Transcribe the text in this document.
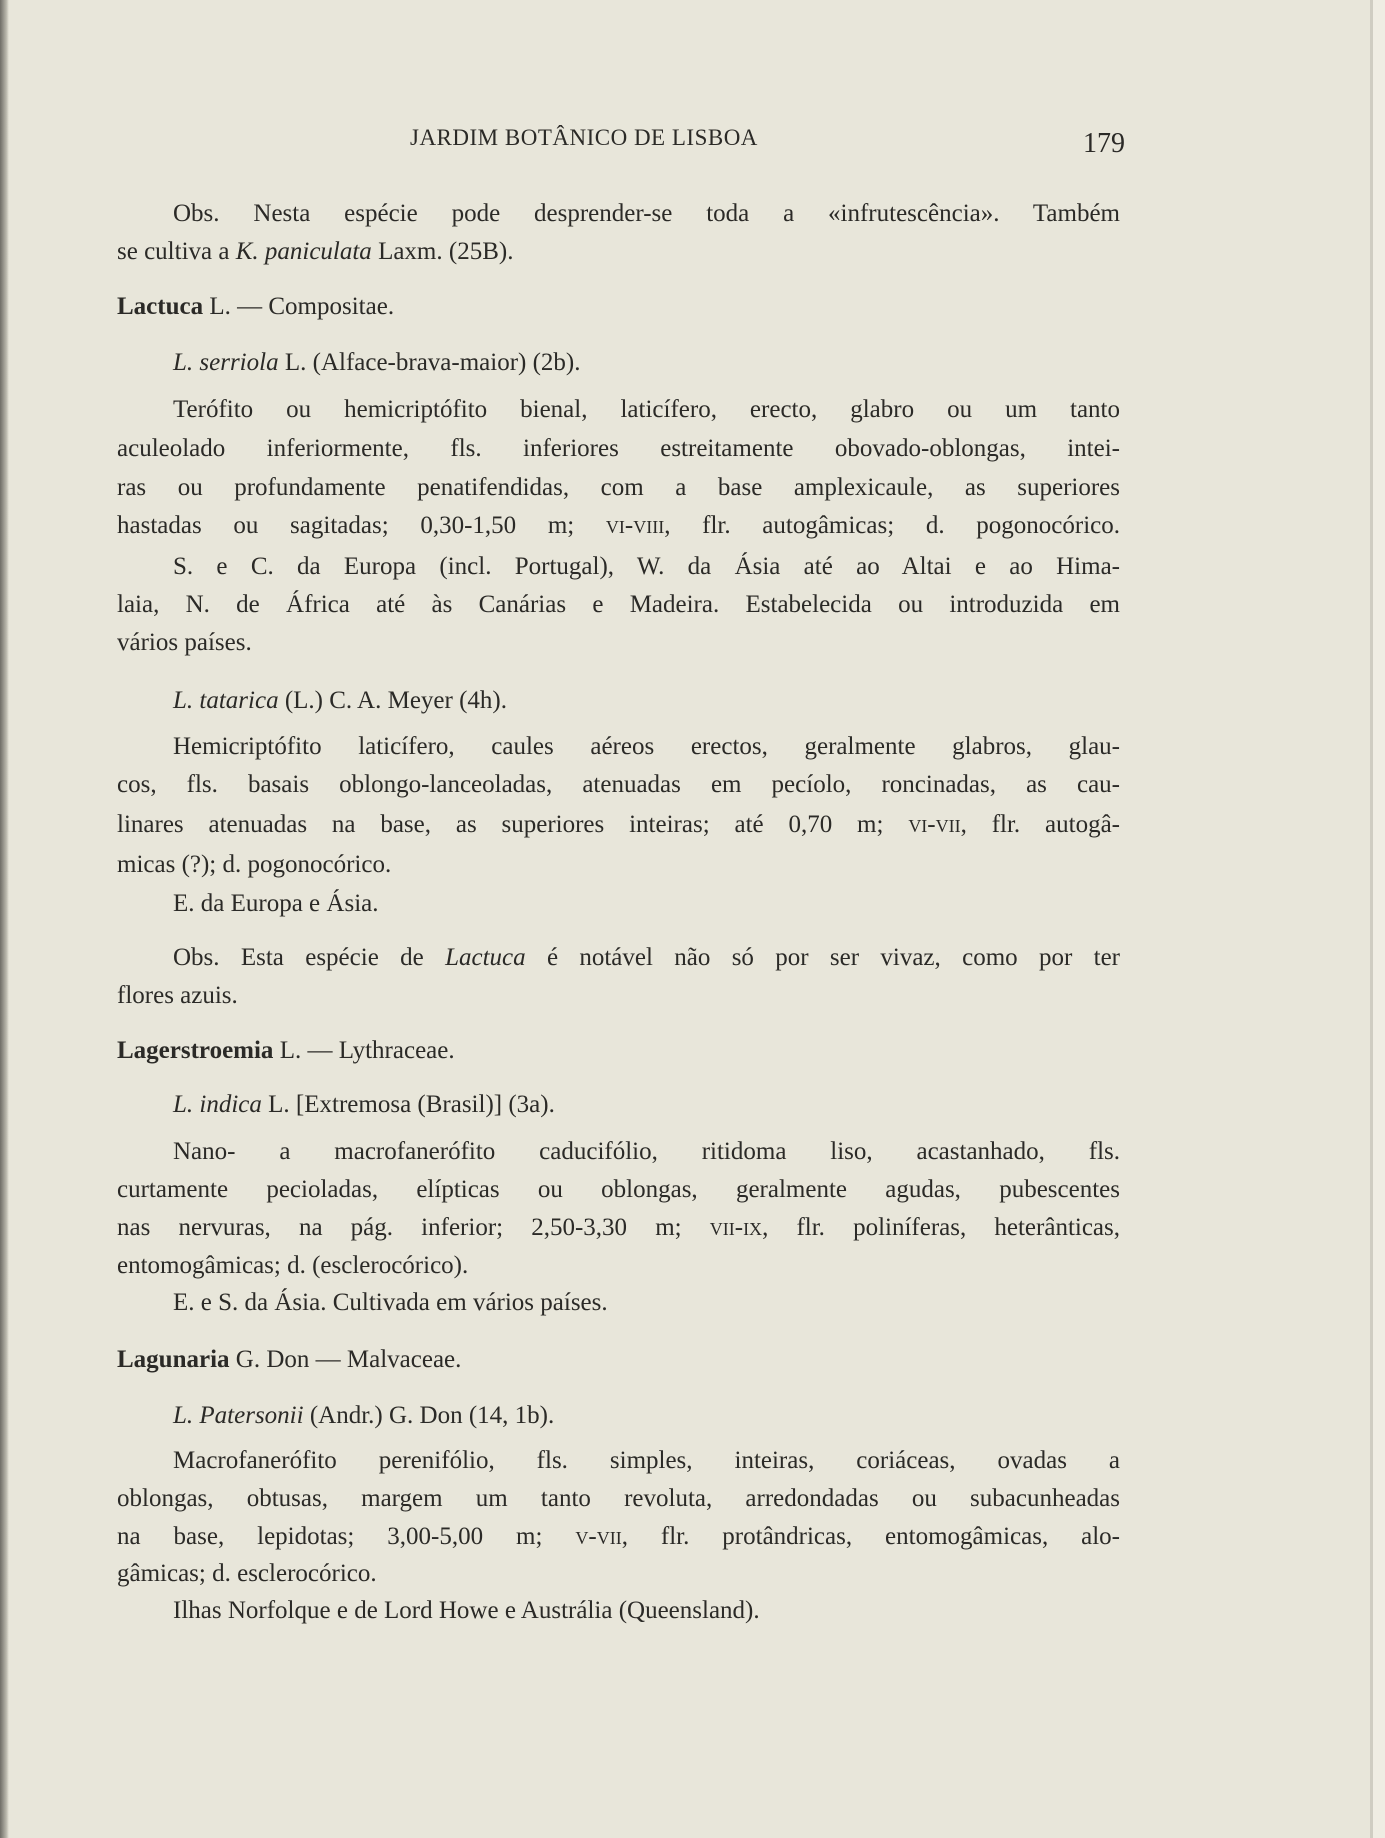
JARDIM BOTÂNICO DE LISBOA	179
Obs. Nesta espécie pode desprender-se toda a «infrutescência». Também
se cultiva a K. paniculata Laxm. (25B).
Lactuca L. — Compositae.
L. serriola L. (Alface-brava-maior) (2b).
Terófito ou hemicriptófito bienal, laticífero, erecto, glabro ou um tanto
aculeolado inferiormente, fls. inferiores estreitamente obovado-oblongas, intei-
ras ou profundamente penatifendidas, com a base amplexicaule, as superiores
hastadas ou sagitadas; 0,30-1,50 m; vi-viii, flr. autogâmicas; d. pogonocórico.
S. e C. da Europa (incl. Portugal), W. da Ásia até ao Altai e ao Hima-
laia, N. de África até às Canárias e Madeira. Estabelecida ou introduzida em
vários países.
L. tatarica (L.) C. A. Meyer (4h).
Hemicriptófito laticífero, caules aéreos erectos, geralmente glabros, glau-
cos, fls. basais oblongo-lanceoladas, atenuadas em pecíolo, roncinadas, as cau-
linares atenuadas na base, as superiores inteiras; até 0,70 m; vi-vii, flr. autogâ-
micas (?); d. pogonocórico.
E. da Europa e Ásia.
Obs. Esta espécie de Lactuca é notável não só por ser vivaz, como por ter
flores azuis.
Lagerstroemia L. — Lythraceae.
L. indica L. [Extremosa (Brasil)] (3a).
Nano- a macrofanerófito caducifólio, ritidoma liso, acastanhado, fls.
curtamente pecioladas, elípticas ou oblongas, geralmente agudas, pubescentes
nas nervuras, na pág. inferior; 2,50-3,30 m; vii-ix, flr. poliníferas, heterânticas,
entomogâmicas; d. (esclerocórico).
E. e S. da Ásia. Cultivada em vários países.
Lagunaria G. Don — Malvaceae.
L. Patersonii (Andr.) G. Don (14, 1b).
Macrofanerófito perenifólio, fls. simples, inteiras, coriáceas, ovadas a
oblongas, obtusas, margem um tanto revoluta, arredondadas ou subacunheadas
na base, lepidotas; 3,00-5,00 m; v-vii, flr. protândricas, entomogâmicas, alo-
gâmicas; d. esclerocórico.
Ilhas Norfolque e de Lord Howe e Austrália (Queensland).
